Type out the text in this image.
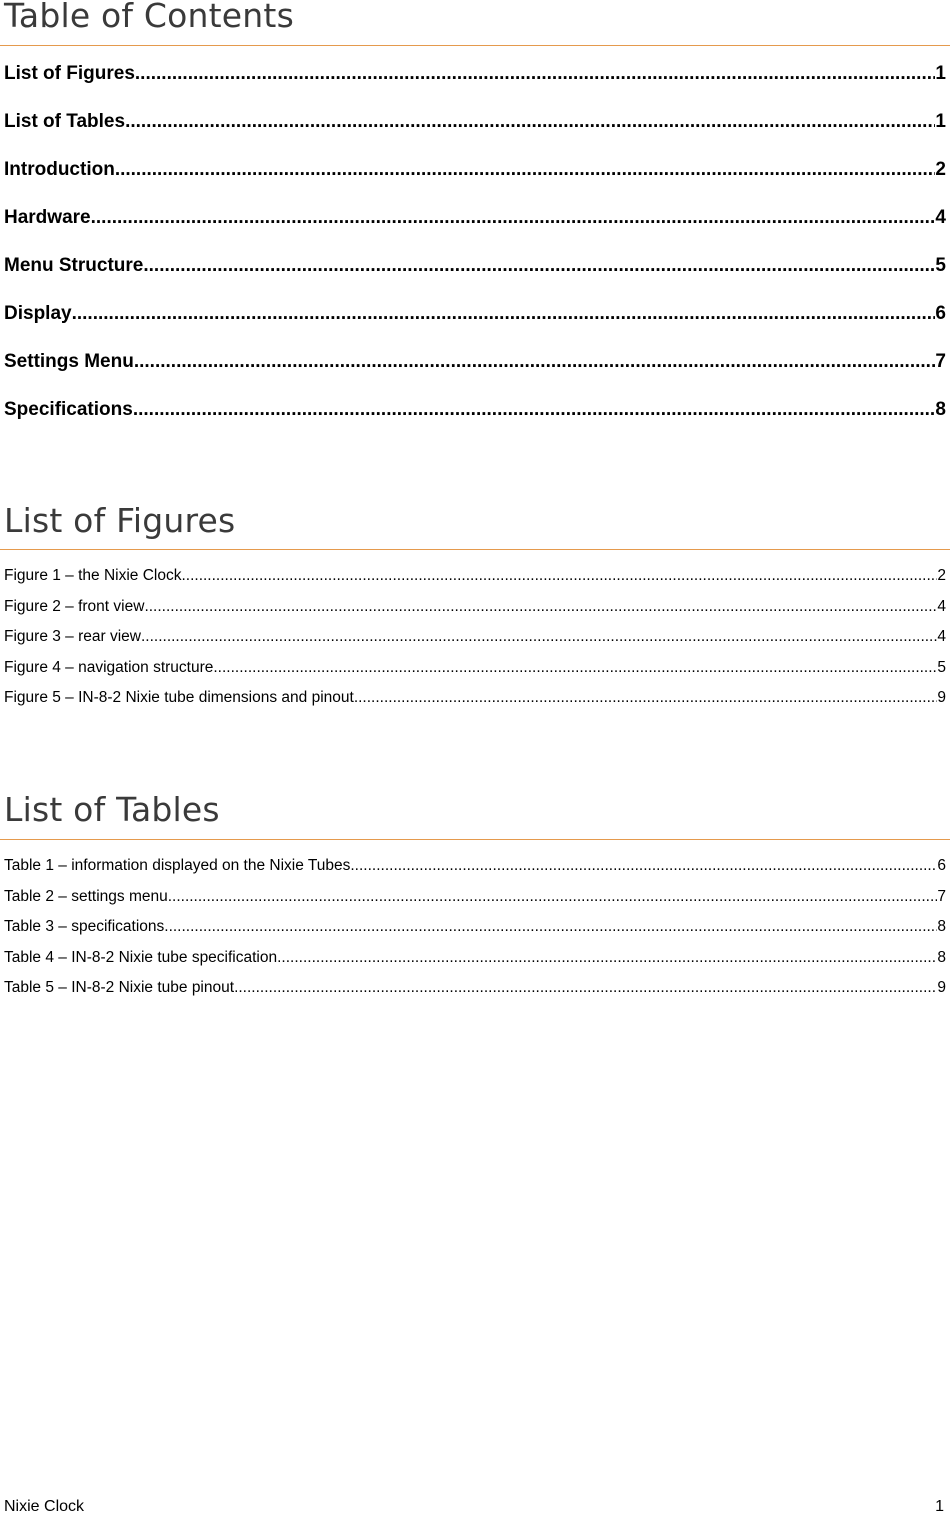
Table of Contents
List of Figures .....	1
List of Tables .....	1
Introduction .....	2
Hardware .....	4
Menu Structure .....	5
Display .....	6
Settings Menu .....	7
Specifications .....	8
List of Figures
Figure 1 – the Nixie Clock .....	2
Figure 2 – front view .....	4
Figure 3 – rear view .....	4
Figure 4 – navigation structure .....	5
Figure 5 – IN-8-2 Nixie tube dimensions and pinout .....	9
List of Tables
Table 1 – information displayed on the Nixie Tubes .....	6
Table 2 – settings menu .....	7
Table 3 – specifications .....	8
Table 4 – IN-8-2 Nixie tube specification .....	8
Table 5 – IN-8-2 Nixie tube pinout .....	9
Nixie Clock	1
